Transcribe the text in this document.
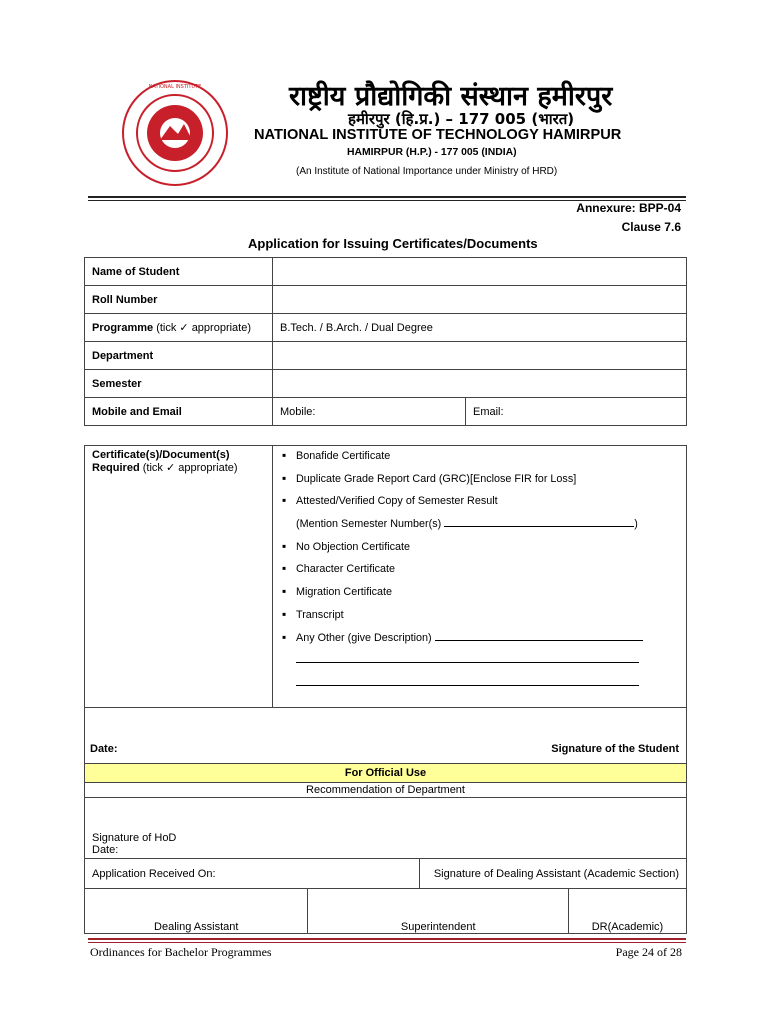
NIT
NATIONAL INSTITUTE	राष्ट्रीय प्रौद्योगिकी संस्थान हमीरपुर
हमीरपुर (हि.प्र.) – 177 005 (भारत)
NATIONAL INSTITUTE OF TECHNOLOGY HAMIRPUR
HAMIRPUR (H.P.) - 177 005 (INDIA)
(An Institute of National Importance under Ministry of HRD)
Annexure: BPP-04
Clause 7.6
Application for Issuing Certificates/Documents
Name of Student		
Roll Number		
Programme (tick ✓ appropriate)	B.Tech. / B.Arch. / Dual Degree	
Department		
Semester		
Mobile and Email	Mobile:	Email:
Certificate(s)/Document(s)
Required (tick ✓ appropriate)

▪ Bonafide Certificate
▪ Duplicate Grade Report Card (GRC)[Enclose FIR for Loss]
▪ Attested/Verified Copy of Semester Result
(Mention Semester Number(s)	)
▪ No Objection Certificate
▪ Character Certificate
▪ Migration Certificate
▪ Transcript
▪ Any Other (give Description)

Date:	Signature of the Student
For Official Use			
Recommendation of Department			

Signature of HoD
Date:			

Application Received On:		Signature of Dealing Assistant (Academic Section)	
Dealing Assistant	Superintendent		DR(Academic)
Ordinances for Bachelor Programmes	Page 24 of 28
